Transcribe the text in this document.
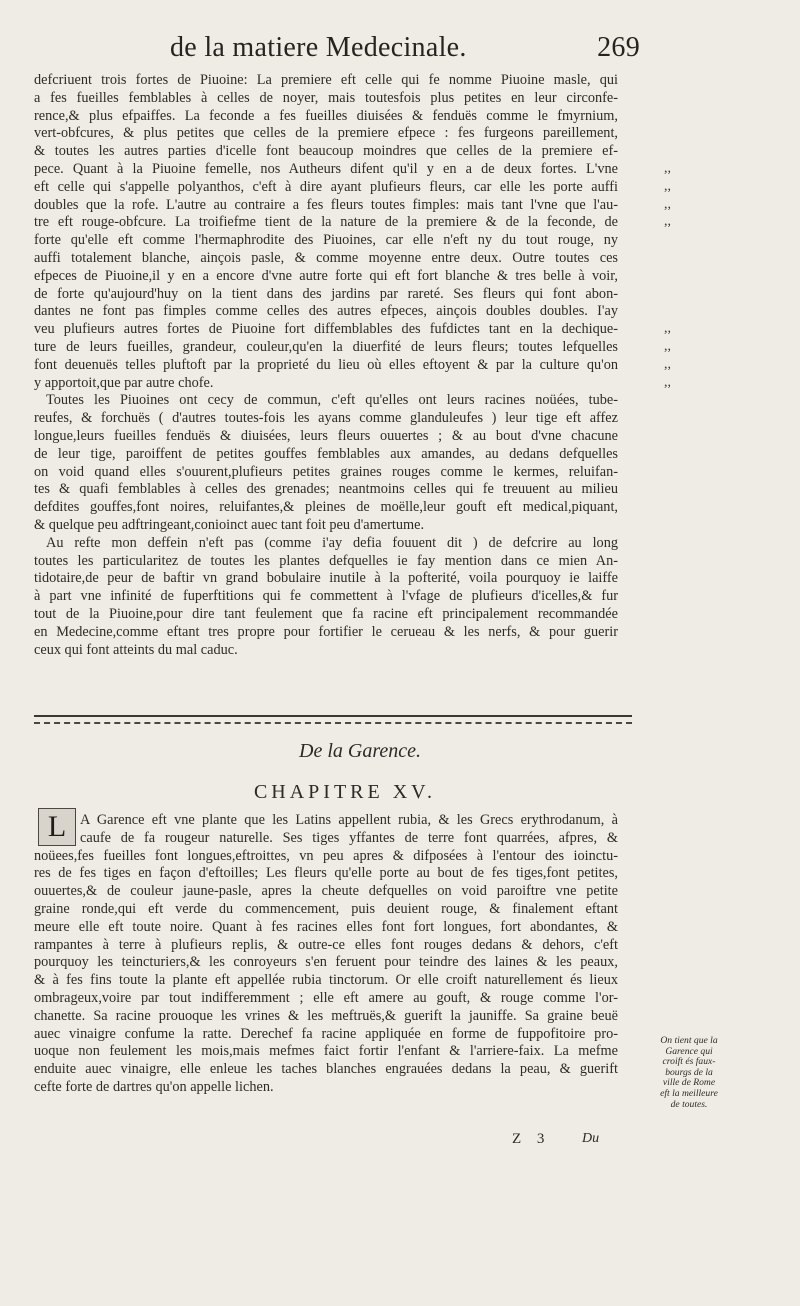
de la matiere Medecinale.	269
defcriuent trois fortes de Piuoine: La premiere eft celle qui fe nomme Piuoine masle, qui
a fes fueilles femblables à celles de noyer, mais toutesfois plus petites en leur circonfe-
rence,& plus efpaiffes. La feconde a fes fueilles diuisées & fenduës comme le fmyrnium,
vert-obfcures, & plus petites que celles de la premiere efpece : fes furgeons pareillement,
& toutes les autres parties d'icelle font beaucoup moindres que celles de la premiere ef-
pece. Quant à la Piuoine femelle, nos Autheurs difent qu'il y en a de deux fortes. L'vne
eft celle qui s'appelle polyanthos, c'eft à dire ayant plufieurs fleurs, car elle les porte auffi
doubles que la rofe. L'autre au contraire a fes fleurs toutes fimples: mais tant l'vne que l'au-
tre eft rouge-obfcure. La troifiefme tient de la nature de la premiere & de la feconde, de
forte qu'elle eft comme l'hermaphrodite des Piuoines, car elle n'eft ny du tout rouge, ny
auffi totalement blanche, ainçois pasle, & comme moyenne entre deux. Outre toutes ces
efpeces de Piuoine,il y en a encore d'vne autre forte qui eft fort blanche & tres belle à voir,
de forte qu'aujourd'huy on la tient dans des jardins par rareté. Ses fleurs qui font abon-
dantes ne font pas fimples comme celles des autres efpeces, ainçois doubles doubles. I'ay
veu plufieurs autres fortes de Piuoine fort diffemblables des fufdictes tant en la dechique-
ture de leurs fueilles, grandeur, couleur,qu'en la diuerfité de leurs fleurs; toutes lefquelles
font deuenuës telles pluftoft par la proprieté du lieu où elles eftoyent & par la culture qu'on
y apportoit,que par autre chofe.
Toutes les Piuoines ont cecy de commun, c'eft qu'elles ont leurs racines noüées, tube-
reufes, & forchuës ( d'autres toutes-fois les ayans comme glanduleufes ) leur tige eft affez
longue,leurs fueilles fenduës & diuisées, leurs fleurs ouuertes ; & au bout d'vne chacune
de leur tige, paroiffent de petites gouffes femblables aux amandes, au dedans defquelles
on void quand elles s'ouurent,plufieurs petites graines rouges comme le kermes, reluifan-
tes & quafi femblables à celles des grenades; neantmoins celles qui fe treuuent au milieu
defdites gouffes,font noires, reluifantes,& pleines de moëlle,leur gouft eft medical,piquant,
& quelque peu adftringeant,conioinct auec tant foit peu d'amertume.
Au refte mon deffein n'eft pas (comme i'ay defia fouuent dit ) de defcrire au long
toutes les particularitez de toutes les plantes defquelles ie fay mention dans ce mien An-
tidotaire,de peur de baftir vn grand bobulaire inutile à la pofterité, voila pourquoy ie laiffe
à part vne infinité de fuperftitions qui fe commettent à l'vfage de plufieurs d'icelles,& fur
tout de la Piuoine,pour dire tant feulement que fa racine eft principalement recommandée
en Medecine,comme eftant tres propre pour fortifier le cerueau & les nerfs, & pour guerir
ceux qui font atteints du mal caduc.
,,
,,
,,
,,
,,
,,
,,
,,
De la Garence.
CHAPITRE XV.
L A Garence eft vne plante que les Latins appellent rubia, & les Grecs erythrodanum, à
caufe de fa rougeur naturelle. Ses tiges yffantes de terre font quarrées, afpres, &
noüees,fes fueilles font longues,eftroittes, vn peu apres & difposées à l'entour des ioinctu-
res de fes tiges en façon d'eftoilles; Les fleurs qu'elle porte au bout de fes tiges,font petites,
ouuertes,& de couleur jaune-pasle, apres la cheute defquelles on void paroiftre vne petite
graine ronde,qui eft verde du commencement, puis deuient rouge, & finalement eftant
meure elle eft toute noire. Quant à fes racines elles font fort longues, fort abondantes, &
rampantes à terre à plufieurs replis, & outre-ce elles font rouges dedans & dehors, c'eft
pourquoy les teincturiers,& les conroyeurs s'en feruent pour teindre des laines & les peaux,
& à fes fins toute la plante eft appellée rubia tinctorum. Or elle croift naturellement és lieux
ombrageux,voire par tout indifferemment ; elle eft amere au gouft, & rouge comme l'or-
chanette. Sa racine prouoque les vrines & les meftruës,& guerift la jauniffe. Sa graine beuë
auec vinaigre confume la ratte. Derechef fa racine appliquée en forme de fuppofitoire pro-
uoque non feulement les mois,mais mefmes faict fortir l'enfant & l'arriere-faix. La mefme
enduite auec vinaigre, elle enleue les taches blanches engrauées dedans la peau, & guerift
cefte forte de dartres qu'on appelle lichen.
On tient que la
Garence qui
croift és faux-
bourgs de la
ville de Rome
eft la meilleure
de toutes.
Z 3 Du
